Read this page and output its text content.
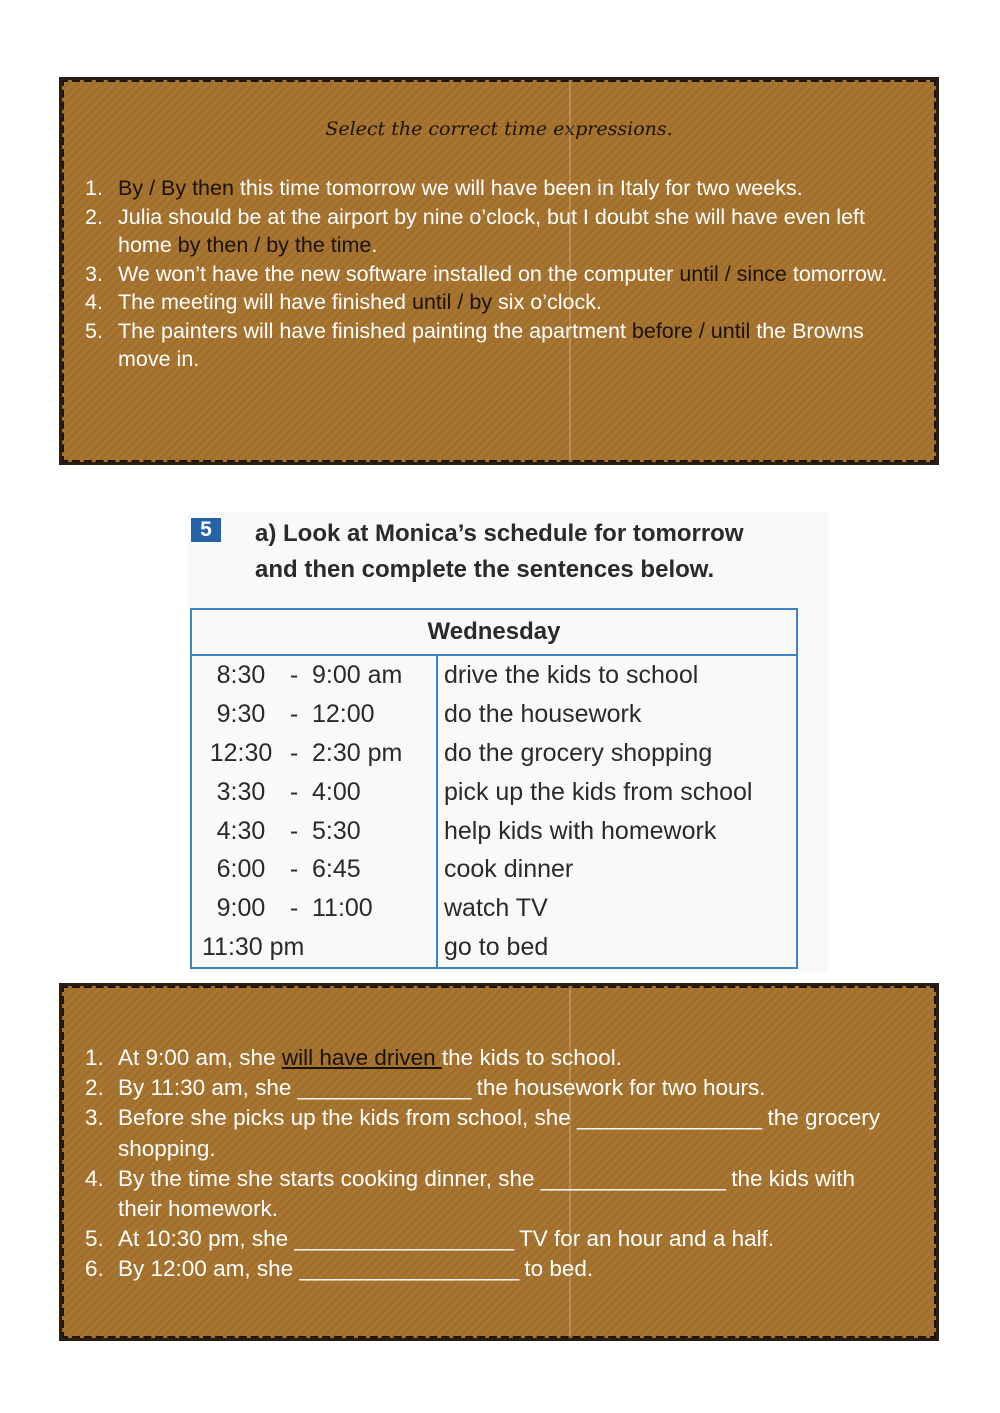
Select the correct time expressions.
By / By then this time tomorrow we will have been in Italy for two weeks.
Julia should be at the airport by nine o’clock, but I doubt she will have even left home by then / by the time.
We won’t have the new software installed on the computer until / since tomorrow.
The meeting will have finished until / by six o’clock.
The painters will have finished painting the apartment before / until the Browns move in.
5	a) Look at Monica’s schedule for tomorrow
and then complete the sentences below.
Wednesday	
8:30 - 9:00 am	drive the kids to school
9:30 - 12:00	do the housework
12:30 - 2:30 pm	do the grocery shopping
3:30 - 4:00	pick up the kids from school
4:30 - 5:30	help kids with homework
6:00 - 6:45	cook dinner
9:00 - 11:00	watch TV
11:30 pm	go to bed
At 9:00 am, she will have driven the kids to school.
By 11:30 am, she _______________ the housework for two hours.
Before she picks up the kids from school, she ________________ the grocery shopping.
By the time she starts cooking dinner, she ________________ the kids with their homework.
At 10:30 pm, she ___________________ TV for an hour and a half.
By 12:00 am, she ___________________ to bed.
